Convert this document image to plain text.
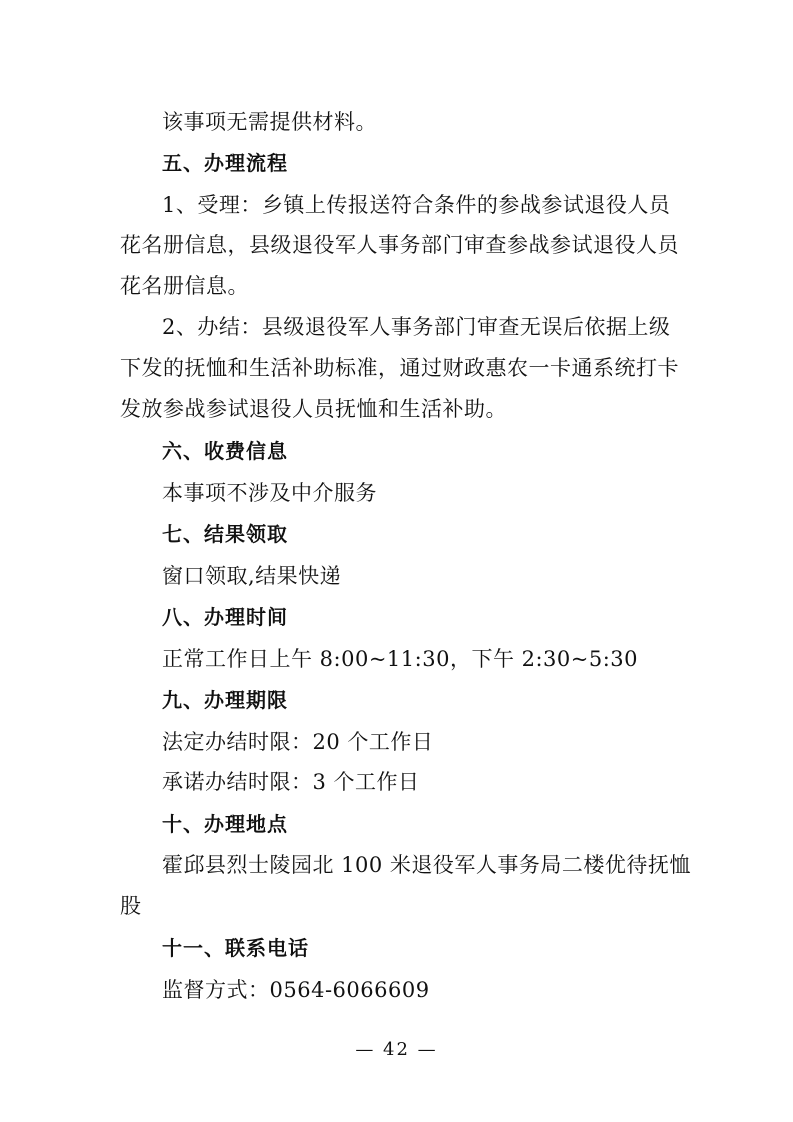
该事项无需提供材料。
五、办理流程
1、受理：乡镇上传报送符合条件的参战参试退役人员
花名册信息，县级退役军人事务部门审查参战参试退役人员
花名册信息。
2、办结：县级退役军人事务部门审查无误后依据上级
下发的抚恤和生活补助标准，通过财政惠农一卡通系统打卡
发放参战参试退役人员抚恤和生活补助。
六、收费信息
本事项不涉及中介服务
七、结果领取
窗口领取,结果快递
八、办理时间
正常工作日上午 8:00~11:30，下午 2:30~5:30
九、办理期限
法定办结时限：20 个工作日
承诺办结时限：3 个工作日
十、办理地点
霍邱县烈士陵园北 100 米退役军人事务局二楼优待抚恤
股
十一、联系电话
监督方式：0564-6066609
— 42 —
